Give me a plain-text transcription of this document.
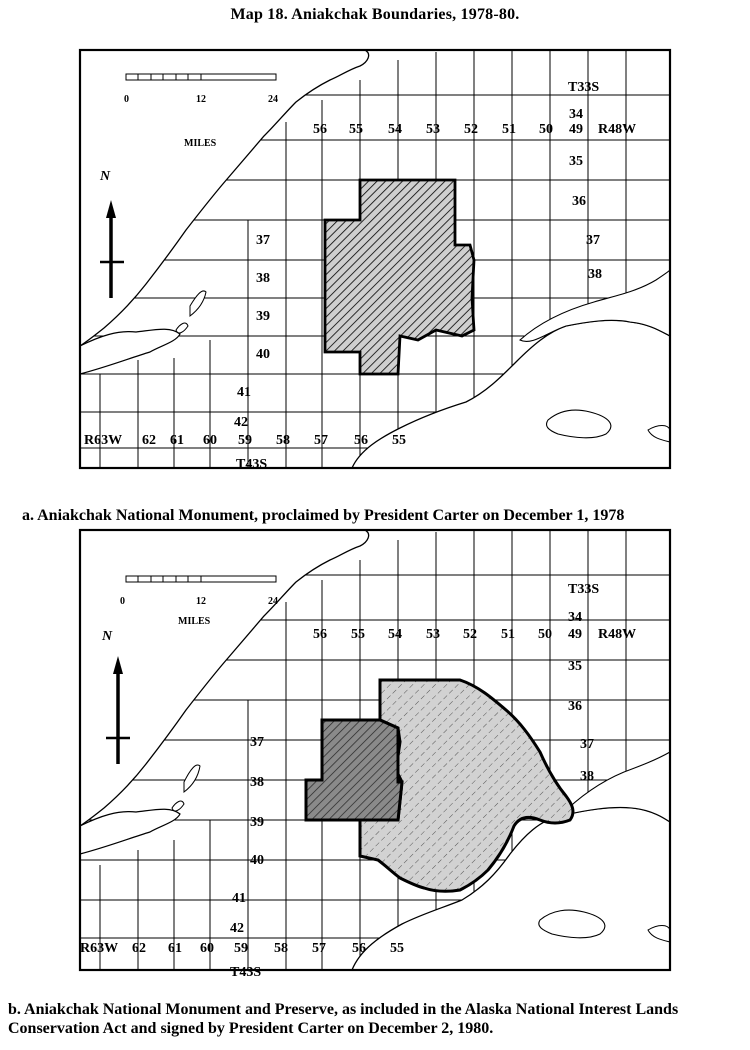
Map 18. Aniakchak Boundaries, 1978-80.
0	12	24
MILES
N
56 55 54 53 52 51 50 49 R48W
T33S
34
35
36
37
38
37
38
39
40
41
42
T43S
R63W 62 61 60 59 58 57 56 55
a. Aniakchak National Monument, proclaimed by President Carter on December 1, 1978
0	12	24
MILES
N	56 55 54 53 52 51 50 49 R48W
T33S
34
35
36
37
38
37
38
39
40
41
42
T43S
R63W 62 61 60 59 58 57 56 55
b. Aniakchak National Monument and Preserve, as included in the Alaska National Interest Lands Conservation Act and signed by President Carter on December 2, 1980.
